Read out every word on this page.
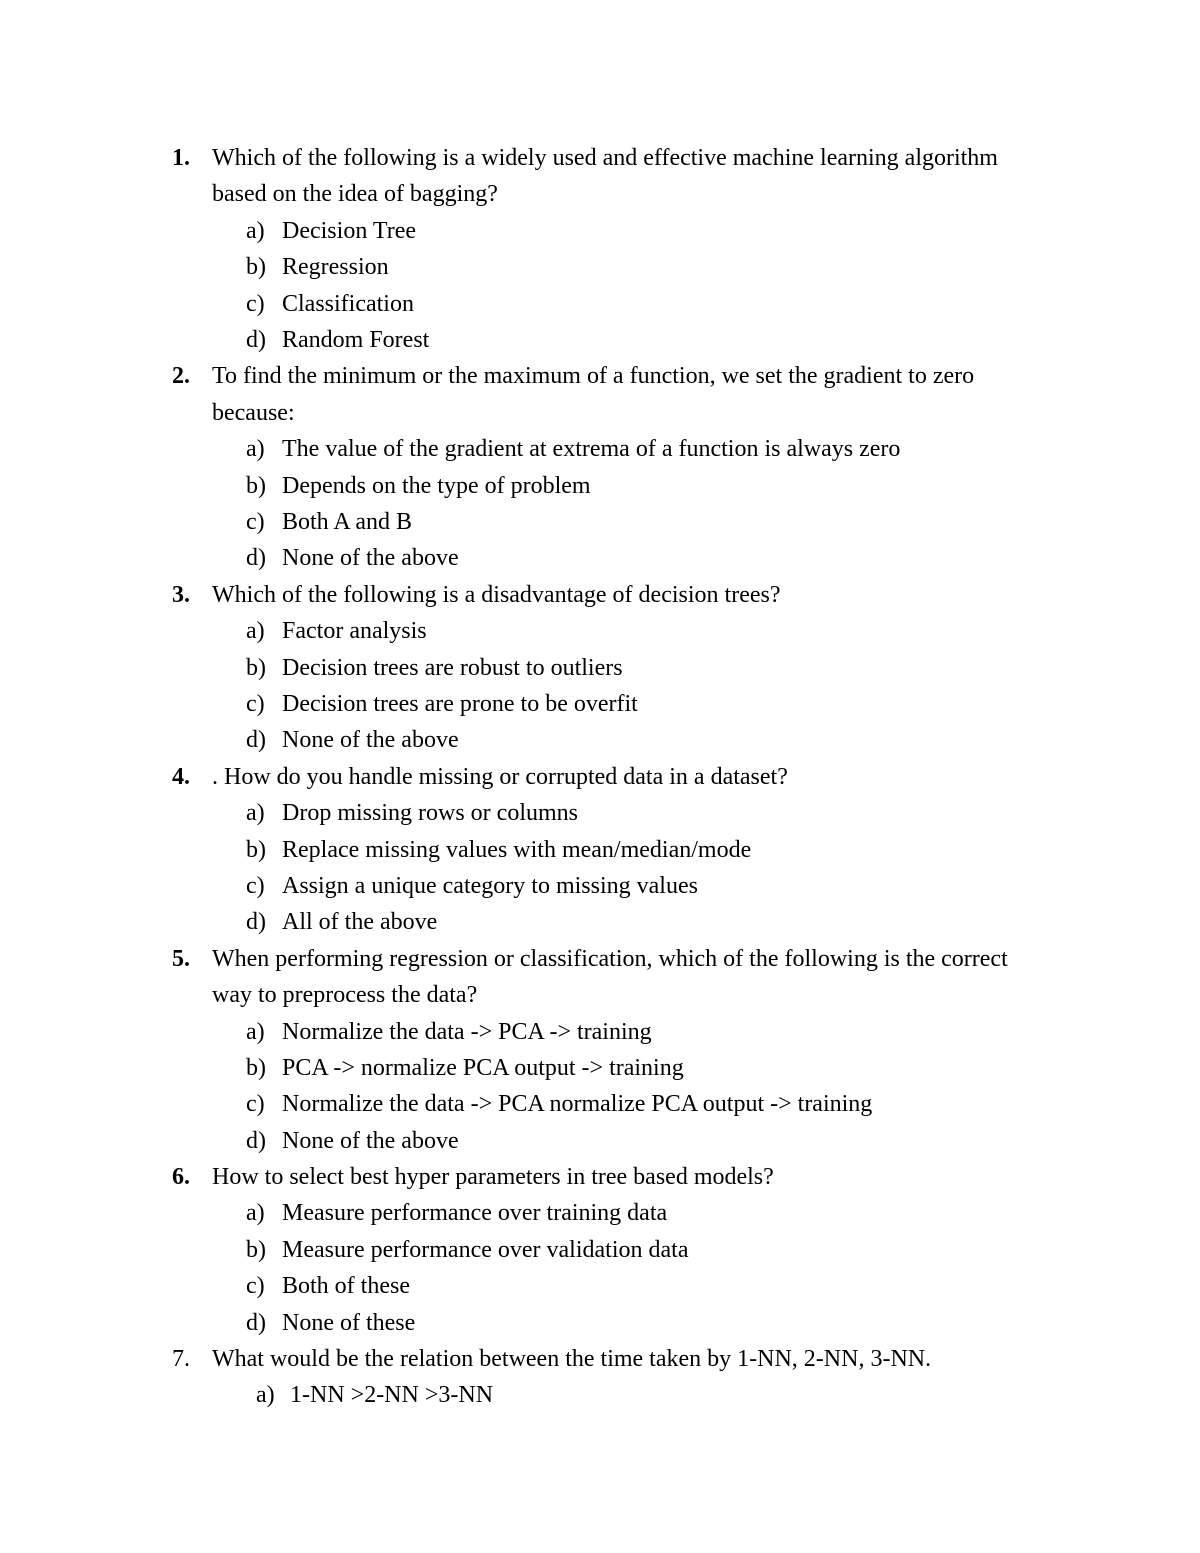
1. Which of the following is a widely used and effective machine learning algorithm based on the idea of bagging?
a) Decision Tree
b) Regression
c) Classification
d) Random Forest
2. To find the minimum or the maximum of a function, we set the gradient to zero because:
a) The value of the gradient at extrema of a function is always zero
b) Depends on the type of problem
c) Both A and B
d) None of the above
3. Which of the following is a disadvantage of decision trees?
a) Factor analysis
b) Decision trees are robust to outliers
c) Decision trees are prone to be overfit
d) None of the above
4. . How do you handle missing or corrupted data in a dataset?
a) Drop missing rows or columns
b) Replace missing values with mean/median/mode
c) Assign a unique category to missing values
d) All of the above
5. When performing regression or classification, which of the following is the correct way to preprocess the data?
a) Normalize the data -> PCA -> training
b) PCA -> normalize PCA output -> training
c) Normalize the data -> PCA normalize PCA output -> training
d) None of the above
6. How to select best hyper parameters in tree based models?
a) Measure performance over training data
b) Measure performance over validation data
c) Both of these
d) None of these
7. What would be the relation between the time taken by 1-NN, 2-NN, 3-NN.
a) 1-NN >2-NN >3-NN
